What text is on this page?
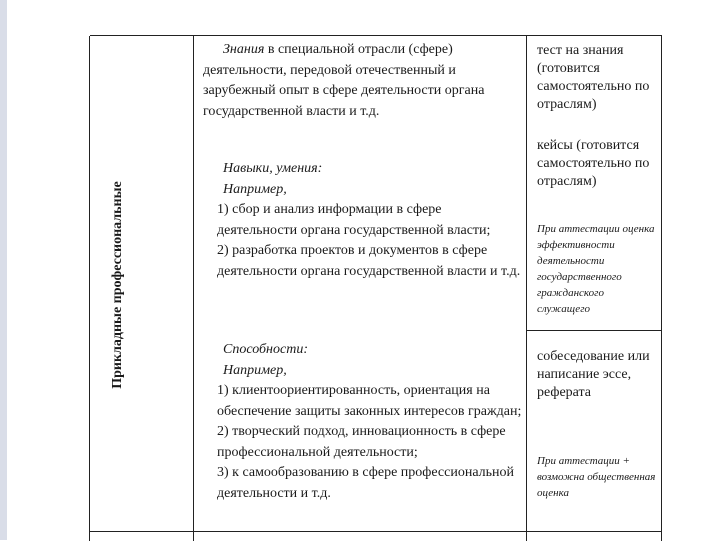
Прикладные профессиональные

Знания в специальной отрасли (сфере)

деятельности, передовой отечественный и зарубежный опыт в сфере деятельности органа государственной власти и т.д.

Навыки, умения:

Например,

1) сбор и анализ информации в сфере деятельности органа государственной власти;

2) разработка проектов и документов в сфере деятельности органа государственной власти и т.д.

Способности:

Например,

1) клиентоориентированность, ориентация на обеспечение защиты законных интересов граждан;

2) творческий подход, инновационность в сфере профессиональной деятельности;

3) к самообразованию в сфере профессиональной деятельности и т.д.

тест на знания (готовится самостоятельно по отраслям)

кейсы (готовится самостоятельно по отраслям)

При аттестации оценка эффективности деятельности государственного гражданского служащего

собеседование или написание эссе, реферата

При аттестации + возможна общественная оценка
